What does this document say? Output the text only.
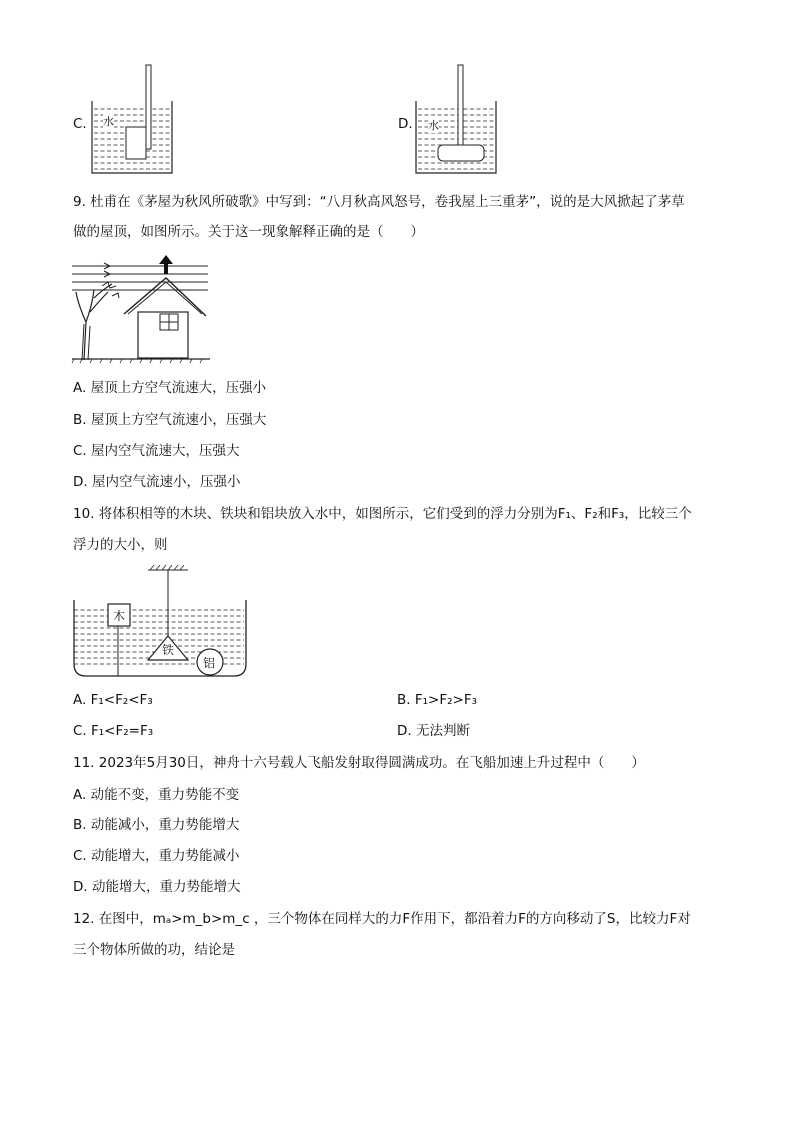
C. 水	D. 水
9. 杜甫在《茅屋为秋风所破歌》中写到：“八月秋高风怒号，卷我屋上三重茅”，说的是大风掀起了茅草
做的屋顶，如图所示。关于这一现象解释正确的是（　　）
A. 屋顶上方空气流速大，压强小
B. 屋顶上方空气流速小，压强大
C. 屋内空气流速大，压强大
D. 屋内空气流速小，压强小
10. 将体积相等的木块、铁块和铝块放入水中，如图所示，它们受到的浮力分别为F₁、F₂和F₃，比较三个
浮力的大小，则
木
铁
铝
A. F₁<F₂<F₃	B. F₁>F₂>F₃
C. F₁<F₂=F₃	D. 无法判断
11. 2023年5月30日，神舟十六号载人飞船发射取得圆满成功。在飞船加速上升过程中（　　）
A. 动能不变，重力势能不变
B. 动能减小，重力势能增大
C. 动能增大，重力势能减小
D. 动能增大，重力势能增大
12. 在图中，mₐ>m_b>m_c ，三个物体在同样大的力F作用下，都沿着力F的方向移动了S，比较力F对
三个物体所做的功，结论是
